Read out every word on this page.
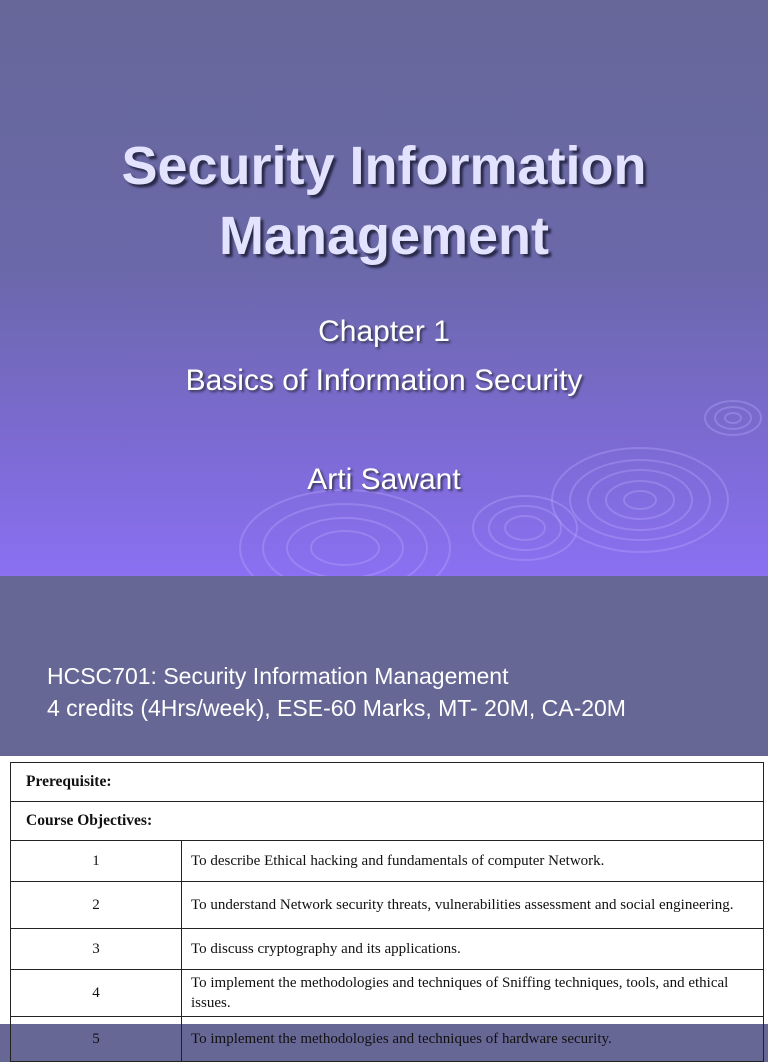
Security Information
Management
Chapter 1
Basics of Information Security
Arti Sawant
HCSC701: Security Information Management
4 credits (4Hrs/week), ESE-60 Marks, MT- 20M, CA-20M
Prerequisite:	
Course Objectives:	
1	To describe Ethical hacking and fundamentals of computer Network.
2	To understand Network security threats, vulnerabilities assessment and social engineering.
3	To discuss cryptography and its applications.
4	To implement the methodologies and techniques of Sniffing techniques, tools, and ethical issues.
5	To implement the methodologies and techniques of hardware security.
